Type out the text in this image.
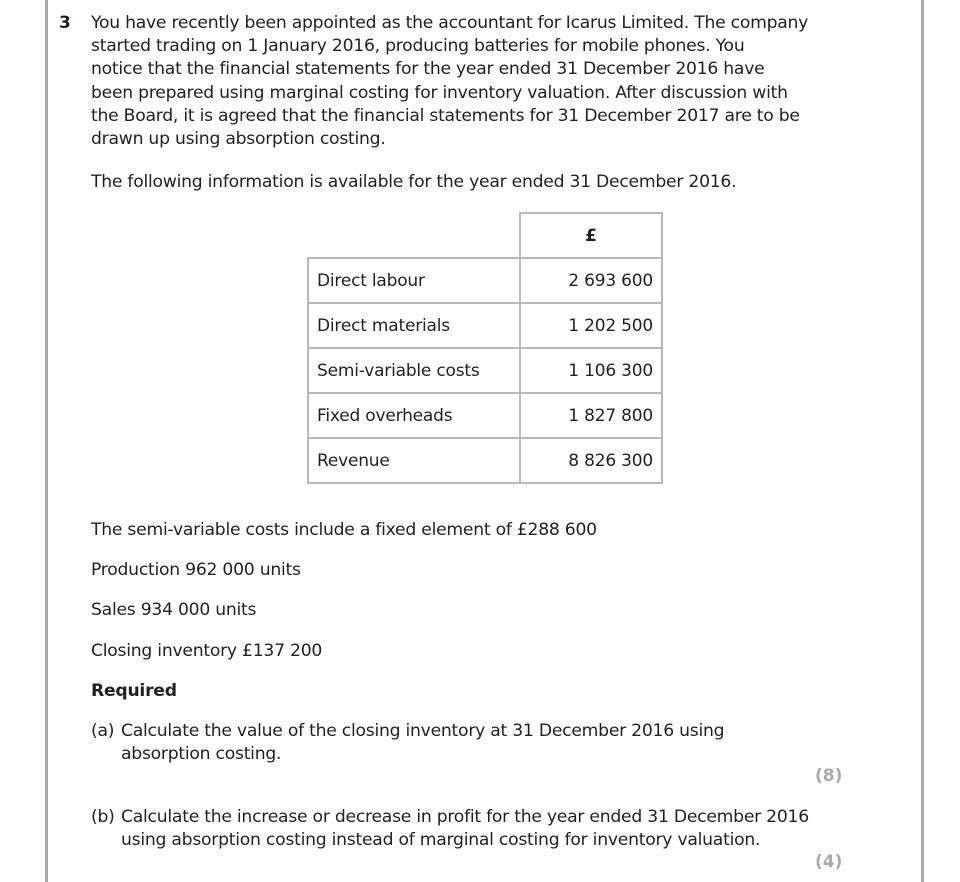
3 You have recently been appointed as the accountant for Icarus Limited. The company

started trading on 1 January 2016, producing batteries for mobile phones. You

notice that the financial statements for the year ended 31 December 2016 have

been prepared using marginal costing for inventory valuation. After discussion with

the Board, it is agreed that the financial statements for 31 December 2017 are to be

drawn up using absorption costing.

The following information is available for the year ended 31 December 2016.
	£
Direct labour	2 693 600
Direct materials	1 202 500
Semi-variable costs	1 106 300
Fixed overheads	1 827 800
Revenue	8 826 300
The semi-variable costs include a fixed element of £288 600
Production 962 000 units
Sales 934 000 units
Closing inventory £137 200
Required
(a) Calculate the value of the closing inventory at 31 December 2016 using
absorption costing.
(8)
(b) Calculate the increase or decrease in profit for the year ended 31 December 2016
using absorption costing instead of marginal costing for inventory valuation.
(4)
